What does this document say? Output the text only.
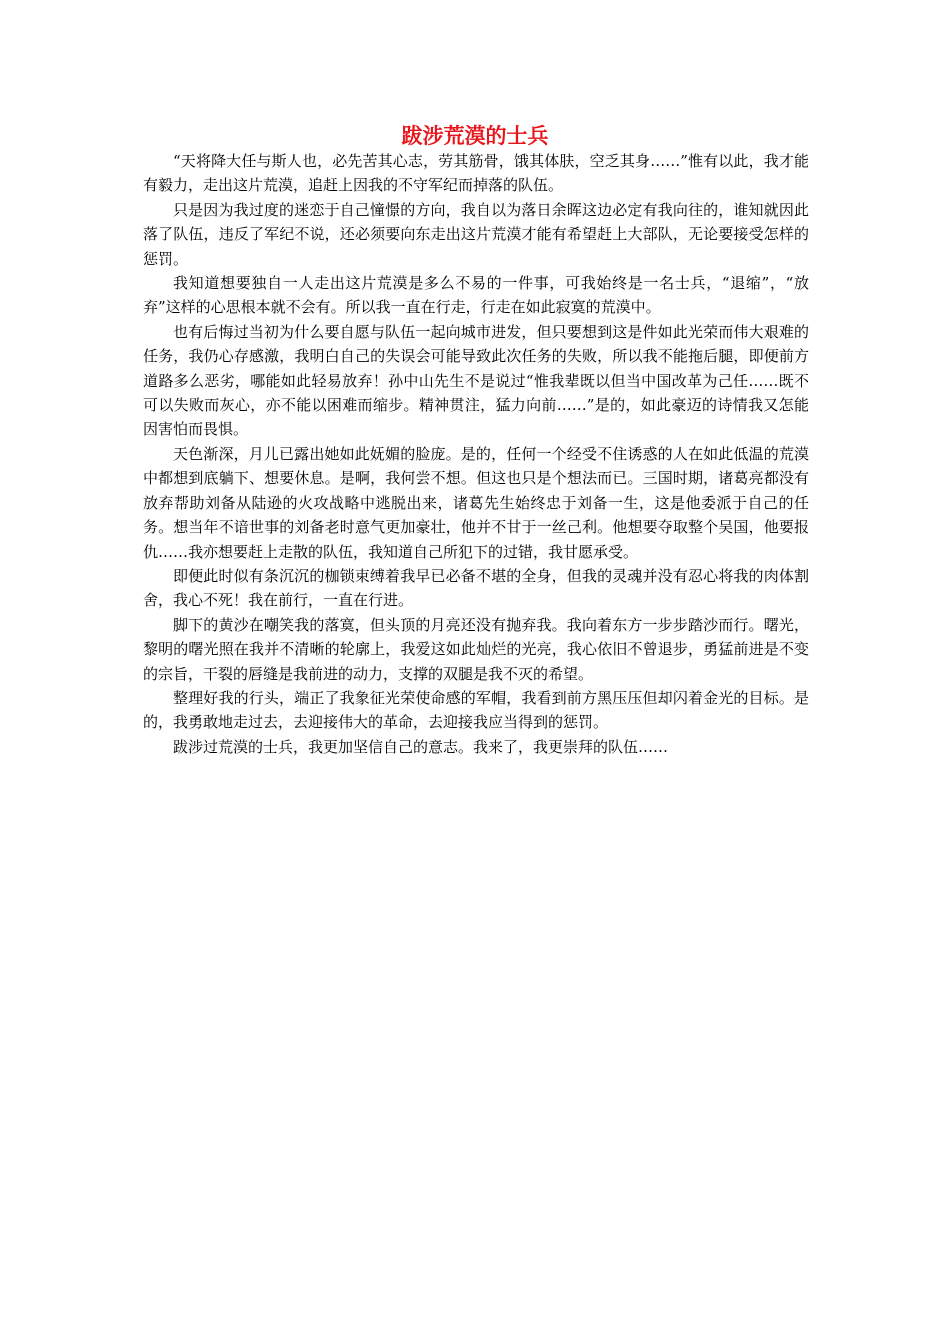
跋涉荒漠的士兵

“天将降大任与斯人也，必先苦其心志，劳其筋骨，饿其体肤，空乏其身……”惟有以此，我才能有毅力，走出这片荒漠，追赶上因我的不守军纪而掉落的队伍。

只是因为我过度的迷恋于自己憧憬的方向，我自以为落日余晖这边必定有我向往的，谁知就因此落了队伍，违反了军纪不说，还必须要向东走出这片荒漠才能有希望赶上大部队，无论要接受怎样的惩罚。

我知道想要独自一人走出这片荒漠是多么不易的一件事，可我始终是一名士兵，“退缩”，“放弃”这样的心思根本就不会有。所以我一直在行走，行走在如此寂寞的荒漠中。

也有后悔过当初为什么要自愿与队伍一起向城市进发，但只要想到这是件如此光荣而伟大艰难的任务，我仍心存感激，我明白自己的失误会可能导致此次任务的失败，所以我不能拖后腿，即便前方道路多么恶劣，哪能如此轻易放弃！孙中山先生不是说过“惟我辈既以但当中国改革为己任……既不可以失败而灰心，亦不能以困难而缩步。精神贯注，猛力向前……”是的，如此豪迈的诗情我又怎能因害怕而畏惧。

天色渐深，月儿已露出她如此妩媚的脸庞。是的，任何一个经受不住诱惑的人在如此低温的荒漠中都想到底躺下、想要休息。是啊，我何尝不想。但这也只是个想法而已。三国时期，诸葛亮都没有放弃帮助刘备从陆逊的火攻战略中逃脱出来，诸葛先生始终忠于刘备一生，这是他委派于自己的任务。想当年不谙世事的刘备老时意气更加豪壮，他并不甘于一丝己利。他想要夺取整个吴国，他要报仇……我亦想要赶上走散的队伍，我知道自己所犯下的过错，我甘愿承受。

即便此时似有条沉沉的枷锁束缚着我早已必备不堪的全身，但我的灵魂并没有忍心将我的肉体割舍，我心不死！我在前行，一直在行进。

脚下的黄沙在嘲笑我的落寞，但头顶的月亮还没有抛弃我。我向着东方一步步踏沙而行。曙光，黎明的曙光照在我并不清晰的轮廓上，我爱这如此灿烂的光亮，我心依旧不曾退步，勇猛前进是不变的宗旨，干裂的唇缝是我前进的动力，支撑的双腿是我不灭的希望。

整理好我的行头，端正了我象征光荣使命感的军帽，我看到前方黑压压但却闪着金光的目标。是的，我勇敢地走过去，去迎接伟大的革命，去迎接我应当得到的惩罚。

跋涉过荒漠的士兵，我更加坚信自己的意志。我来了，我更崇拜的队伍……
